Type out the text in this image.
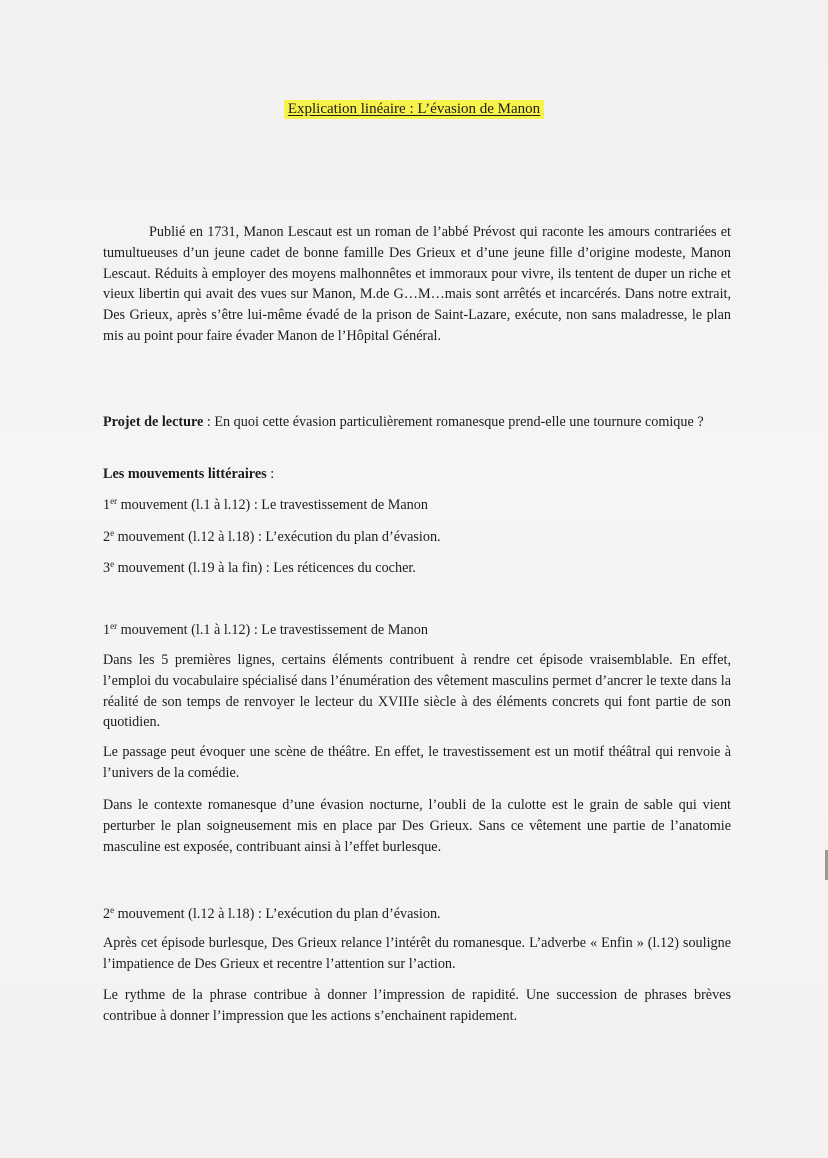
Explication linéaire : L’évasion de Manon
Publié en 1731, Manon Lescaut est un roman de l’abbé Prévost qui raconte les amours contrariées et tumultueuses d’un jeune cadet de bonne famille Des Grieux et d’une jeune fille d’origine modeste, Manon Lescaut. Réduits à employer des moyens malhonnêtes et immoraux pour vivre, ils tentent de duper un riche et vieux libertin qui avait des vues sur Manon, M.de G…M…mais sont arrêtés et incarcérés. Dans notre extrait, Des Grieux, après s’être lui-même évadé de la prison de Saint-Lazare, exécute, non sans maladresse, le plan mis au point pour faire évader Manon de l’Hôpital Général.
Projet de lecture : En quoi cette évasion particulièrement romanesque prend-elle une tournure comique ?
Les mouvements littéraires :
1er mouvement (l.1 à l.12) : Le travestissement de Manon
2e mouvement (l.12 à l.18) : L’exécution du plan d’évasion.
3e mouvement (l.19 à la fin) : Les réticences du cocher.
1er mouvement (l.1 à l.12) : Le travestissement de Manon
Dans les 5 premières lignes, certains éléments contribuent à rendre cet épisode vraisemblable. En effet, l’emploi du vocabulaire spécialisé dans l’énumération des vêtement masculins permet d’ancrer le texte dans la réalité de son temps de renvoyer le lecteur du XVIIIe siècle à des éléments concrets qui font partie de son quotidien.
Le passage peut évoquer une scène de théâtre. En effet, le travestissement est un motif théâtral qui renvoie à l’univers de la comédie.
Dans le contexte romanesque d’une évasion nocturne, l’oubli de la culotte est le grain de sable qui vient perturber le plan soigneusement mis en place par Des Grieux. Sans ce vêtement une partie de l’anatomie masculine est exposée, contribuant ainsi à l’effet burlesque.
2e mouvement (l.12 à l.18) : L’exécution du plan d’évasion.
Après cet épisode burlesque, Des Grieux relance l’intérêt du romanesque. L’adverbe « Enfin » (l.12) souligne l’impatience de Des Grieux et recentre l’attention sur l’action.
Le rythme de la phrase contribue à donner l’impression de rapidité. Une succession de phrases brèves contribue à donner l’impression que les actions s’enchainent rapidement.
